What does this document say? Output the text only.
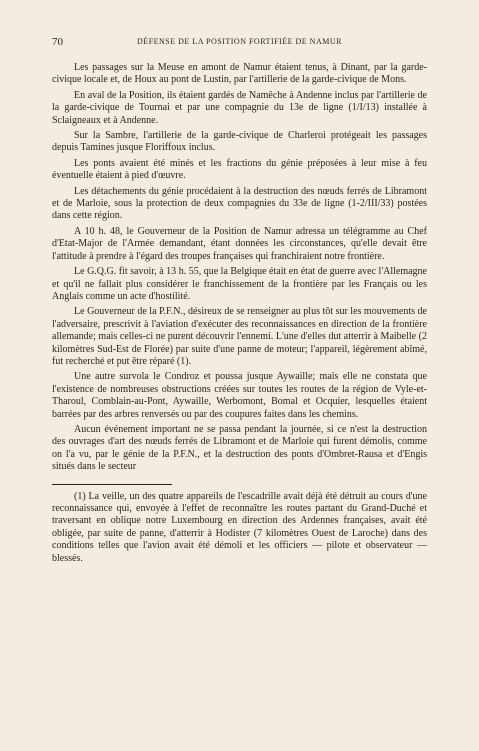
70	DÉFENSE DE LA POSITION FORTIFIÉE DE NAMUR

Les passages sur la Meuse en amont de Namur étaient tenus, à Dinant, par la garde-civique locale et, de Houx au pont de Lustin, par l'artillerie de la garde-civique de Mons.

En aval de la Position, ils étaient gardés de Namêche à Andenne inclus par l'artillerie de la garde-civique de Tournai et par une compagnie du 13e de ligne (1/I/13) installée à Sclaigneaux et à Andenne.

Sur la Sambre, l'artillerie de la garde-civique de Charleroi protégeait les passages depuis Tamines jusque Floriffoux inclus.

Les ponts avaient été minés et les fractions du génie préposées à leur mise à feu éventuelle étaient à pied d'œuvre.

Les détachements du génie procédaient à la destruction des nœuds ferrés de Libramont et de Marloie, sous la protection de deux compagnies du 33e de ligne (1-2/III/33) postées dans cette région.

A 10 h. 48, le Gouverneur de la Position de Namur adressa un télégramme au Chef d'Etat-Major de l'Armée demandant, étant données les circonstances, qu'elle devait être l'attitude à prendre à l'égard des troupes françaises qui franchiraient notre frontière.

Le G.Q.G. fit savoir, à 13 h. 55, que la Belgique était en état de guerre avec l'Allemagne et qu'il ne fallait plus considérer le franchissement de la frontière par les Français ou les Anglais comme un acte d'hostilité.

Le Gouverneur de la P.F.N., désireux de se renseigner au plus tôt sur les mouvements de l'adversaire, prescrivit à l'aviation d'exécuter des reconnaissances en direction de la frontière allemande; mais celles-ci ne purent découvrir l'ennemi. L'une d'elles dut atterrir à Maibelle (2 kilomètres Sud-Est de Florée) par suite d'une panne de moteur; l'appareil, légèrement abîmé, fut recherché et put être réparé (1).

Une autre survola le Condroz et poussa jusque Aywaille; mais elle ne constata que l'existence de nombreuses obstructions créées sur toutes les routes de la région de Vyle-et-Tharoul, Comblain-au-Pont, Aywaille, Werbomont, Bomal et Ocquier, lesquelles étaient barrées par des arbres renversés ou par des coupures faites dans les chemins.

Aucun événement important ne se passa pendant la journée, si ce n'est la destruction des ouvrages d'art des nœuds ferrés de Libramont et de Marloie qui furent démolis, comme on l'a vu, par le génie de la P.F.N., et la destruction des ponts d'Ombret-Rausa et d'Engis situés dans le secteur

(1) La veille, un des quatre appareils de l'escadrille avait déjà été détruit au cours d'une reconnaissance qui, envoyée à l'effet de reconnaître les routes partant du Grand-Duché et traversant en oblique notre Luxembourg en direction des Ardennes françaises, avait été obligée, par suite de panne, d'atterrir à Hodister (7 kilomètres Ouest de Laroche) dans des conditions telles que l'avion avait été démoli et les officiers — pilote et observateur — blessés.
